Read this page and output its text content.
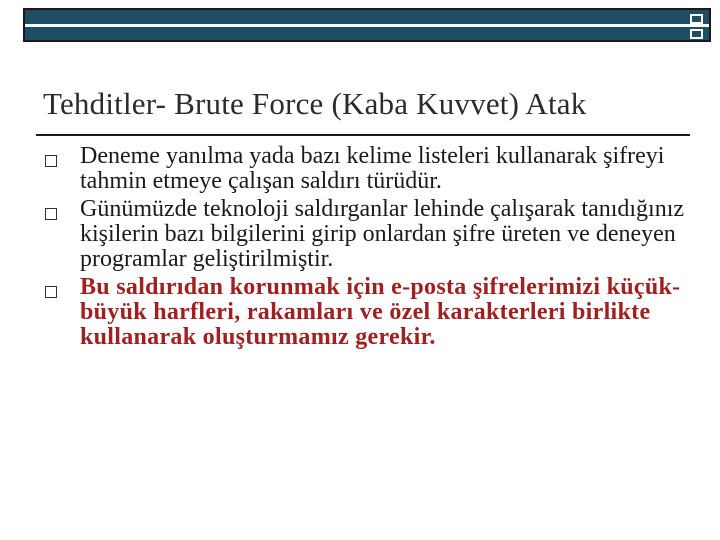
Tehditler- Brute Force (Kaba Kuvvet) Atak
Deneme yanılma yada bazı kelime listeleri kullanarak şifreyi tahmin etmeye çalışan saldırı türüdür.
Günümüzde teknoloji saldırganlar lehinde çalışarak tanıdığınız kişilerin bazı bilgilerini girip onlardan şifre üreten ve deneyen programlar geliştirilmiştir.
Bu saldırıdan korunmak için e-posta şifrelerimizi küçük-büyük harfleri, rakamları ve özel karakterleri birlikte kullanarak oluşturmamız gerekir.
